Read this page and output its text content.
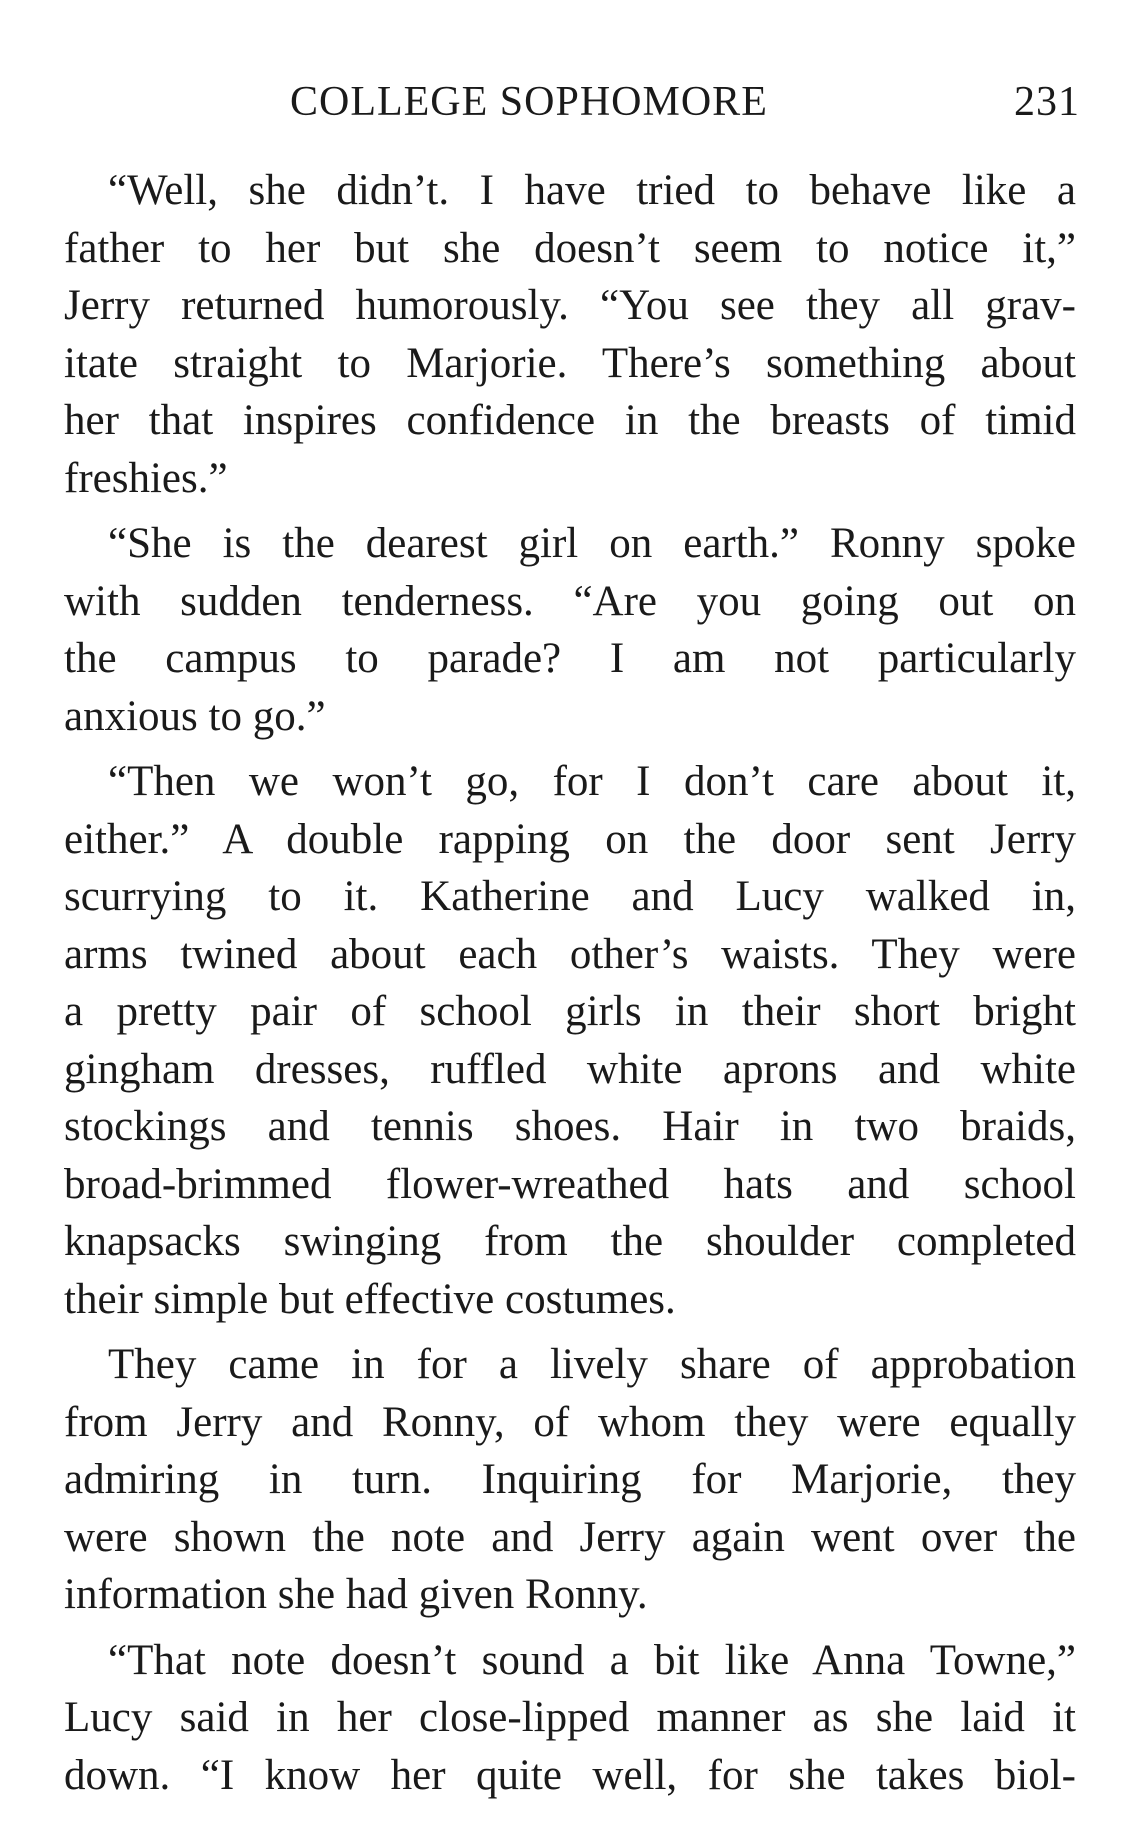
COLLEGE SOPHOMORE	231
“Well, she didn’t. I have tried to behave like a
father to her but she doesn’t seem to notice it,”
Jerry returned humorously. “You see they all grav-
itate straight to Marjorie. There’s something about
her that inspires confidence in the breasts of timid
freshies.”
“She is the dearest girl on earth.” Ronny spoke
with sudden tenderness. “Are you going out on
the campus to parade? I am not particularly
anxious to go.”
“Then we won’t go, for I don’t care about it,
either.” A double rapping on the door sent Jerry
scurrying to it. Katherine and Lucy walked in,
arms twined about each other’s waists. They were
a pretty pair of school girls in their short bright
gingham dresses, ruffled white aprons and white
stockings and tennis shoes. Hair in two braids,
broad-brimmed flower-wreathed hats and school
knapsacks swinging from the shoulder completed
their simple but effective costumes.
They came in for a lively share of approbation
from Jerry and Ronny, of whom they were equally
admiring in turn. Inquiring for Marjorie, they
were shown the note and Jerry again went over the
information she had given Ronny.
“That note doesn’t sound a bit like Anna Towne,”
Lucy said in her close-lipped manner as she laid it
down. “I know her quite well, for she takes biol-
